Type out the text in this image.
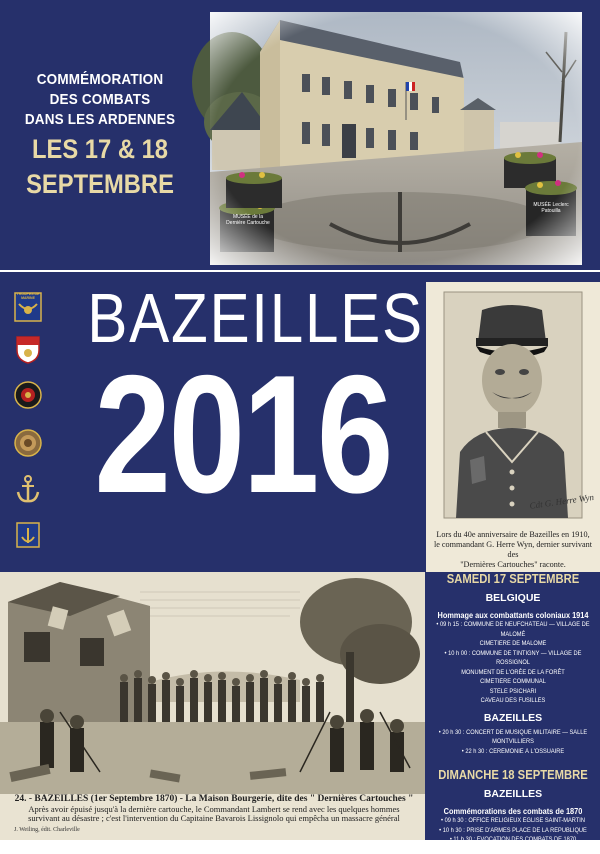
COMMÉMORATION
DES COMBATS
DANS LES ARDENNES
LES 17 & 18
SEPTEMBRE
BAZEILLES
2016	Cdt G. Herre Wyn
Lors du 40e anniversaire de Bazeilles en 1910,
le commandant G. Herre Wyn, dernier survivant des
"Dernières Cartouches" raconte.
24. - BAZEILLES (1er Septembre 1870) - La Maison Bourgerie, dite des " Dernières Cartouches "
Après avoir épuisé jusqu'à la dernière cartouche, le Commandant Lambert se rend avec les quelques hommes
survivant au désastre ; c'est l'intervention du Capitaine Bavarois Lissignolo qui empêcha un massacre général
J. Weiling, édit. Charleville
SAMEDI 17 SEPTEMBRE
BELGIQUE
Hommage aux combattants coloniaux 1914
• 09 h 15 : COMMUNE DE NEUFCHÂTEAU — VILLAGE DE MALOMÉ
CIMETIÈRE DE MALOMÉ
• 10 h 00 : COMMUNE DE TINTIGNY — VILLAGE DE ROSSIGNOL
MONUMENT DE L'ORÉE DE LA FORÊT
CIMETIÈRE COMMUNAL
STÈLE PSICHARI
CAVEAU DES FUSILLÉS
BAZEILLES
• 20 h 30 : CONCERT DE MUSIQUE MILITAIRE — SALLE MONTVILLIERS
• 22 h 30 : CÉRÉMONIE À L'OSSUAIRE
DIMANCHE 18 SEPTEMBRE
BAZEILLES
Commémorations des combats de 1870
• 09 h 30 : OFFICE RELIGIEUX ÉGLISE SAINT-MARTIN
• 10 h 30 : PRISE D'ARMES PLACE DE LA RÉPUBLIQUE
• 11 h 30 : ÉVOCATION DES COMBATS DE 1870
À LA MAISON DE LA DERNIÈRE CARTOUCHE
MUSÉE de la Dernière Cartouche
MUSÉE Leclerc Patouilla
TROUPES DE MARINE
